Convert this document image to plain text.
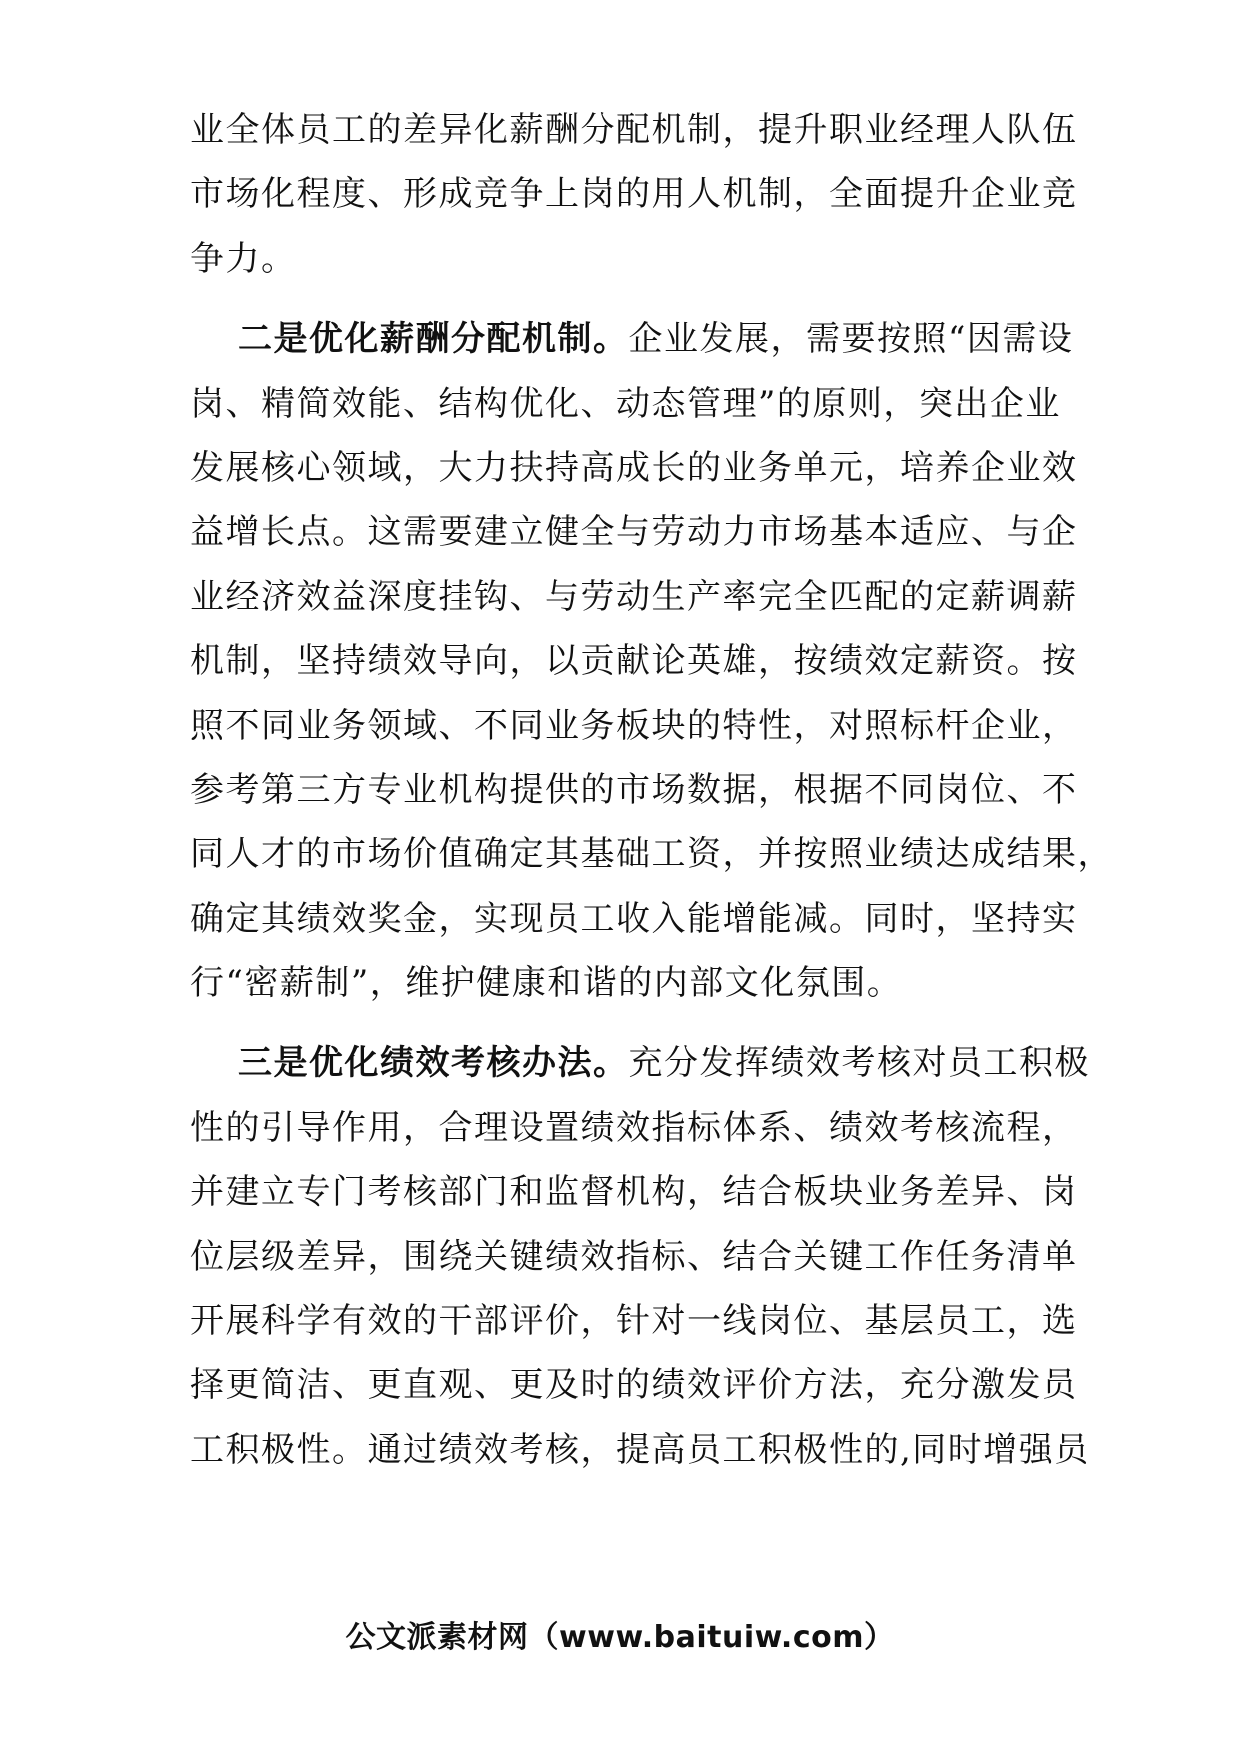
业全体员工的差异化薪酬分配机制，提升职业经理人队伍
市场化程度、形成竞争上岗的用人机制，全面提升企业竞
争力。
二是优化薪酬分配机制。企业发展，需要按照“因需设
岗、精简效能、结构优化、动态管理”的原则，突出企业
发展核心领域，大力扶持高成长的业务单元，培养企业效
益增长点。这需要建立健全与劳动力市场基本适应、与企
业经济效益深度挂钩、与劳动生产率完全匹配的定薪调薪
机制，坚持绩效导向，以贡献论英雄，按绩效定薪资。按
照不同业务领域、不同业务板块的特性，对照标杆企业，
参考第三方专业机构提供的市场数据，根据不同岗位、不
同人才的市场价值确定其基础工资，并按照业绩达成结果，
确定其绩效奖金，实现员工收入能增能减。同时，坚持实
行“密薪制”，维护健康和谐的内部文化氛围。
三是优化绩效考核办法。充分发挥绩效考核对员工积极
性的引导作用，合理设置绩效指标体系、绩效考核流程，
并建立专门考核部门和监督机构，结合板块业务差异、岗
位层级差异，围绕关键绩效指标、结合关键工作任务清单
开展科学有效的干部评价，针对一线岗位、基层员工，选
择更简洁、更直观、更及时的绩效评价方法，充分激发员
工积极性。通过绩效考核，提高员工积极性的,同时增强员
公文派素材网（www.baituiw.com）
